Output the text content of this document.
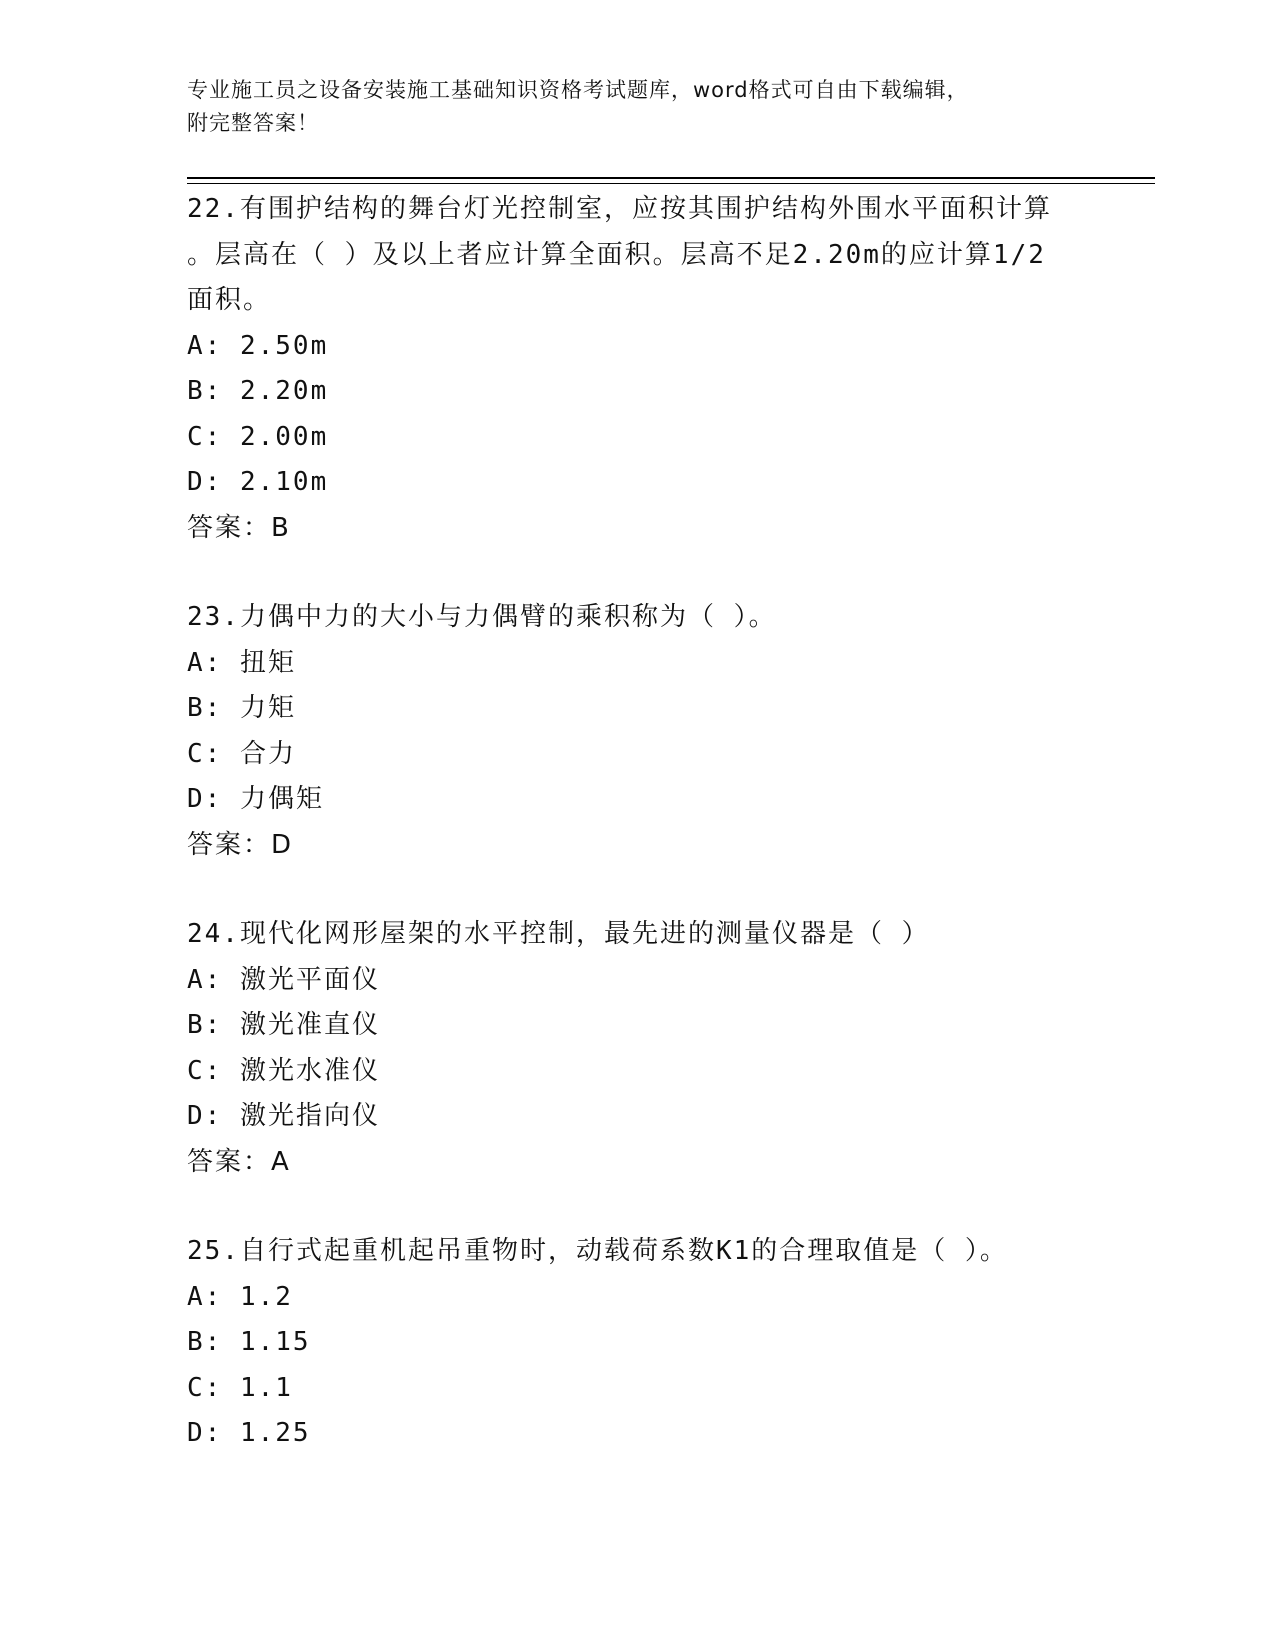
专业施工员之设备安装施工基础知识资格考试题库，word格式可自由下载编辑，
附完整答案！
22.有围护结构的舞台灯光控制室，应按其围护结构外围水平面积计算
。层高在（ ）及以上者应计算全面积。层高不足2.20m的应计算1/2
面积。
A: 2.50m
B: 2.20m
C: 2.00m
D: 2.10m
答案：B
23.力偶中力的大小与力偶臂的乘积称为（ ）。
A: 扭矩
B: 力矩
C: 合力
D: 力偶矩
答案：D
24.现代化网形屋架的水平控制，最先进的测量仪器是（ ）
A: 激光平面仪
B: 激光准直仪
C: 激光水准仪
D: 激光指向仪
答案：A
25.自行式起重机起吊重物时，动载荷系数K1的合理取值是（ ）。
A: 1.2
B: 1.15
C: 1.1
D: 1.25
